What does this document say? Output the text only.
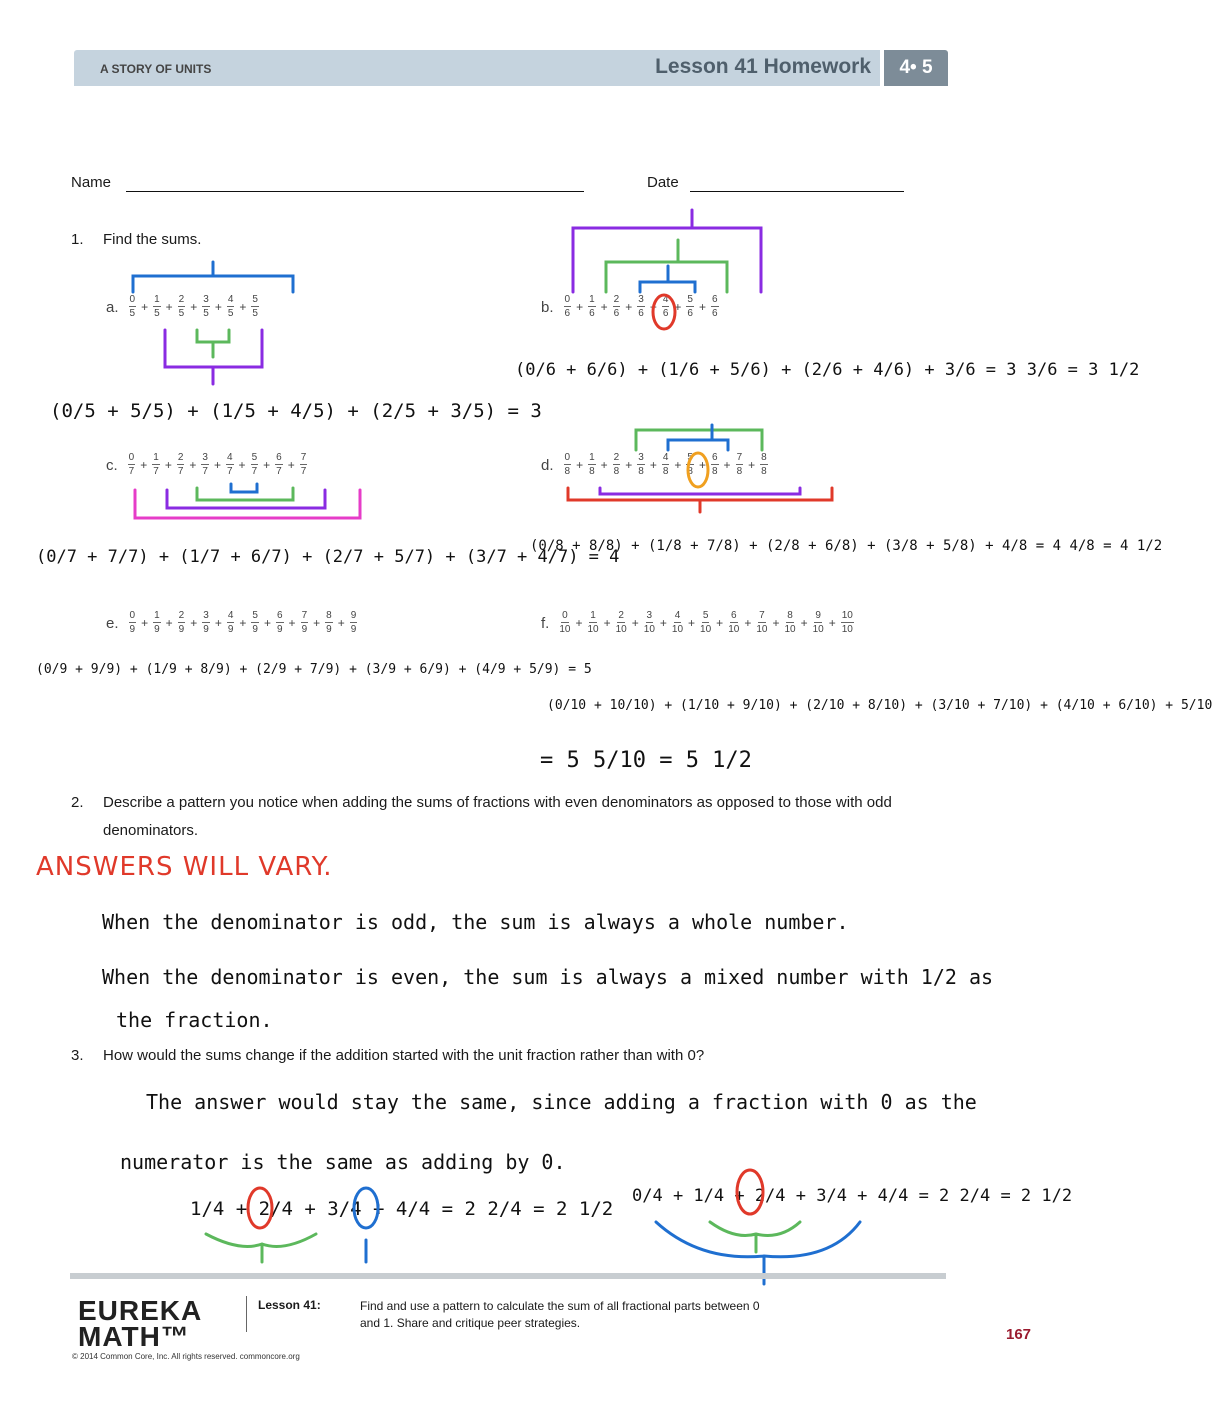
A STORY OF UNITS	Lesson 41 Homework	4• 5
Name	Date
1. Find the sums.
a. $\frac{0}{5} + \frac{1}{5} + \frac{2}{5} + \frac{3}{5} + \frac{4}{5} + \frac{5}{5}$	b. $\frac{0}{6} + \frac{1}{6} + \frac{2}{6} + \frac{3}{6} + \frac{4}{6} + \frac{5}{6} + \frac{6}{6}$
c. $\frac{0}{7} + \frac{1}{7} + \frac{2}{7} + \frac{3}{7} + \frac{4}{7} + \frac{5}{7} + \frac{6}{7} + \frac{7}{7}$	d. $\frac{0}{8} + \frac{1}{8} + \frac{2}{8} + \frac{3}{8} + \frac{4}{8} + \frac{5}{8} + \frac{6}{8} + \frac{7}{8} + \frac{8}{8}$
e. $\frac{0}{9} + \frac{1}{9} + \frac{2}{9} + \frac{3}{9} + \frac{4}{9} + \frac{5}{9} + \frac{6}{9} + \frac{7}{9} + \frac{8}{9} + \frac{9}{9}$	f. $\frac{0}{10} + \frac{1}{10} + \frac{2}{10} + \frac{3}{10} + \frac{4}{10} + \frac{5}{10} + \frac{6}{10} + \frac{7}{10} + \frac{8}{10} + \frac{9}{10} + \frac{10}{10}$
(0/5 + 5/5) + (1/5 + 4/5) + (2/5 + 3/5) = 3
(0/6 + 6/6) + (1/6 + 5/6) + (2/6 + 4/6) + 3/6 = 3 3/6 = 3 1/2
(0/7 + 7/7) + (1/7 + 6/7) + (2/7 + 5/7) + (3/7 + 4/7) = 4
(0/8 + 8/8) + (1/8 + 7/8) + (2/8 + 6/8) + (3/8 + 5/8) + 4/8 = 4 4/8 = 4 1/2
(0/9 + 9/9) + (1/9 + 8/9) + (2/9 + 7/9) + (3/9 + 6/9) + (4/9 + 5/9) = 5
(0/10 + 10/10) + (1/10 + 9/10) + (2/10 + 8/10) + (3/10 + 7/10) + (4/10 + 6/10) + 5/10
= 5 5/10 = 5 1/2
2. Describe a pattern you notice when adding the sums of fractions with even denominators as opposed to those with odd denominators.
ANSWERS WILL VARY.
When the denominator is odd, the sum is always a whole number.
When the denominator is even, the sum is always a mixed number with 1/2 as
the fraction.
3. How would the sums change if the addition started with the unit fraction rather than with 0?
The answer would stay the same, since adding a fraction with 0 as the
numerator is the same as adding by 0.
1/4 + 2/4 + 3/4 + 4/4 = 2 2/4 = 2 1/2
0/4 + 1/4 + 2/4 + 3/4 + 4/4 = 2 2/4 = 2 1/2
EUREKA
MATH™
Lesson 41:	Find and use a pattern to calculate the sum of all fractional parts between 0 and 1. Share and critique peer strategies.
© 2014 Common Core, Inc. All rights reserved. commoncore.org
167
